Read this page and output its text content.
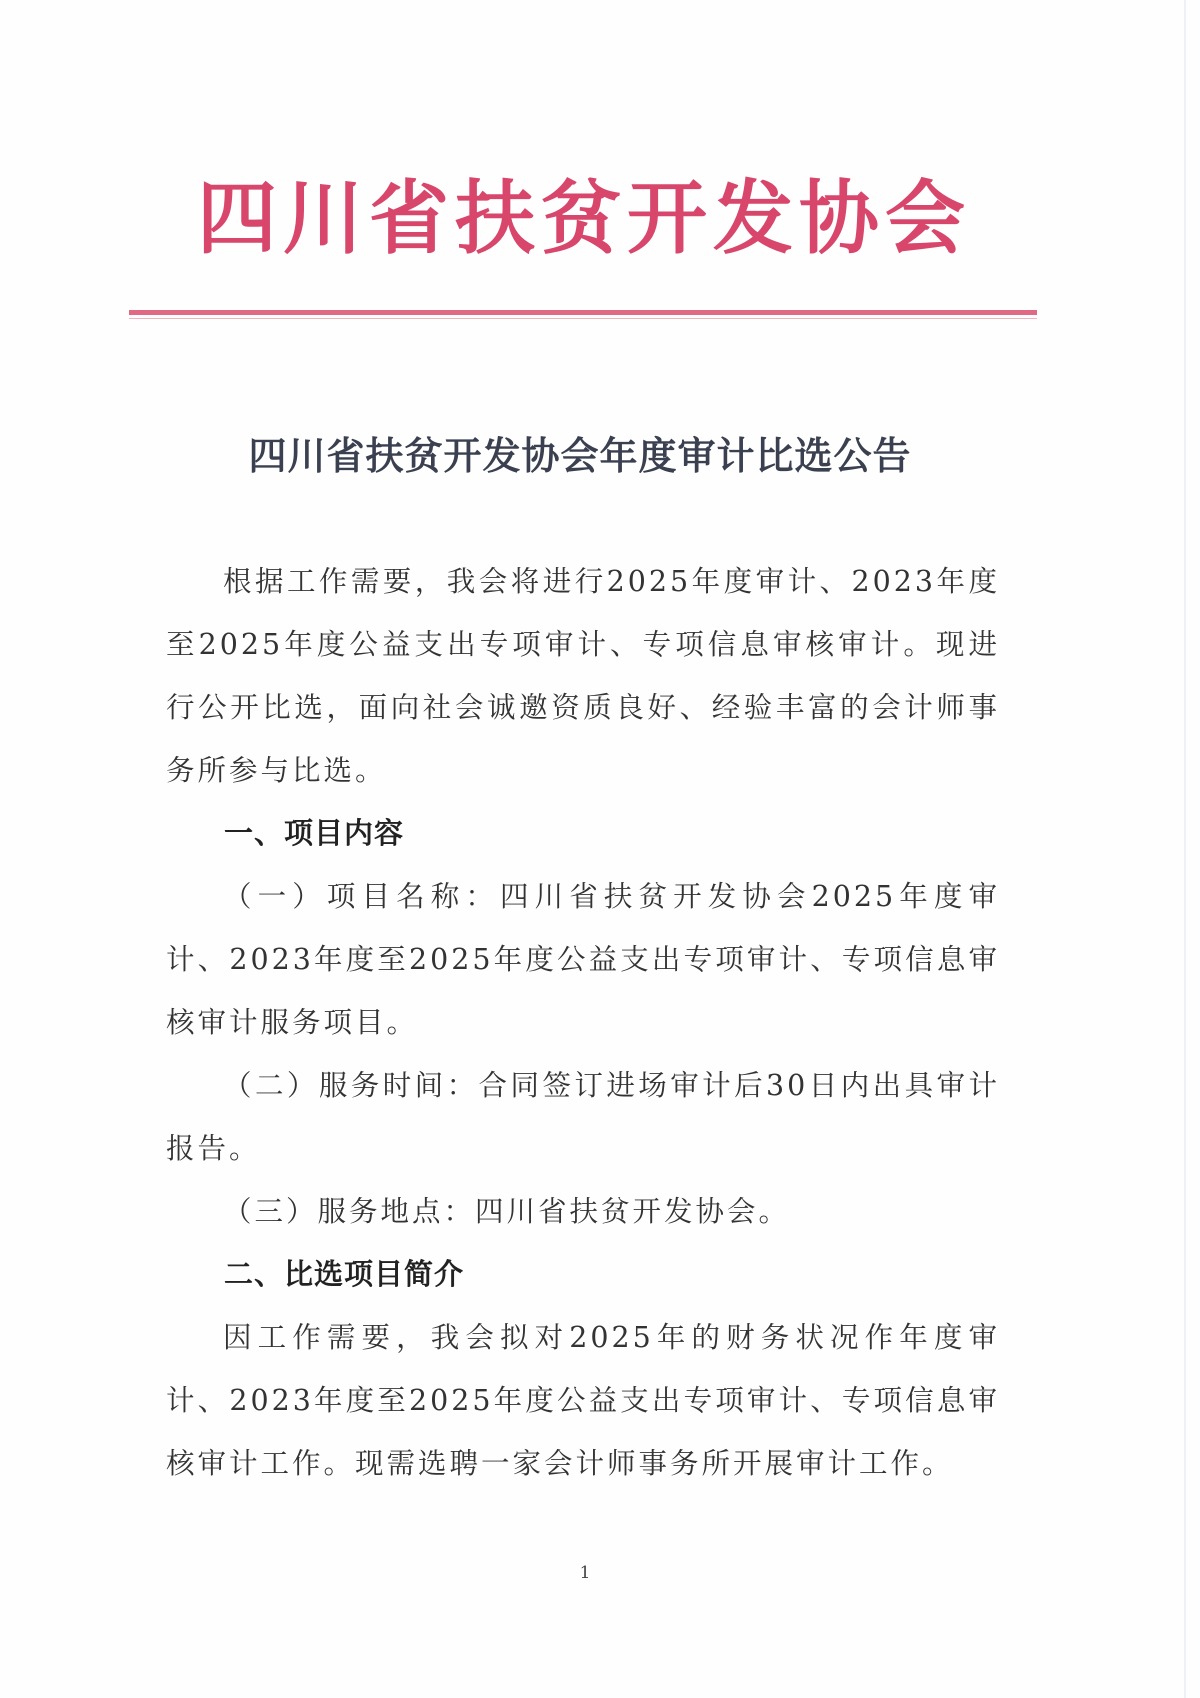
四川省扶贫开发协会
四川省扶贫开发协会年度审计比选公告

根据工作需要，我会将进行2025年度审计、2023年度至2025年度公益支出专项审计、专项信息审核审计。现进行公开比选，面向社会诚邀资质良好、经验丰富的会计师事务所参与比选。

一、项目内容

（一）项目名称：四川省扶贫开发协会2025年度审计、2023年度至2025年度公益支出专项审计、专项信息审核审计服务项目。

（二）服务时间：合同签订进场审计后30日内出具审计报告。

（三）服务地点：四川省扶贫开发协会。

二、比选项目简介

因工作需要，我会拟对2025年的财务状况作年度审计、2023年度至2025年度公益支出专项审计、专项信息审核审计工作。现需选聘一家会计师事务所开展审计工作。

1
